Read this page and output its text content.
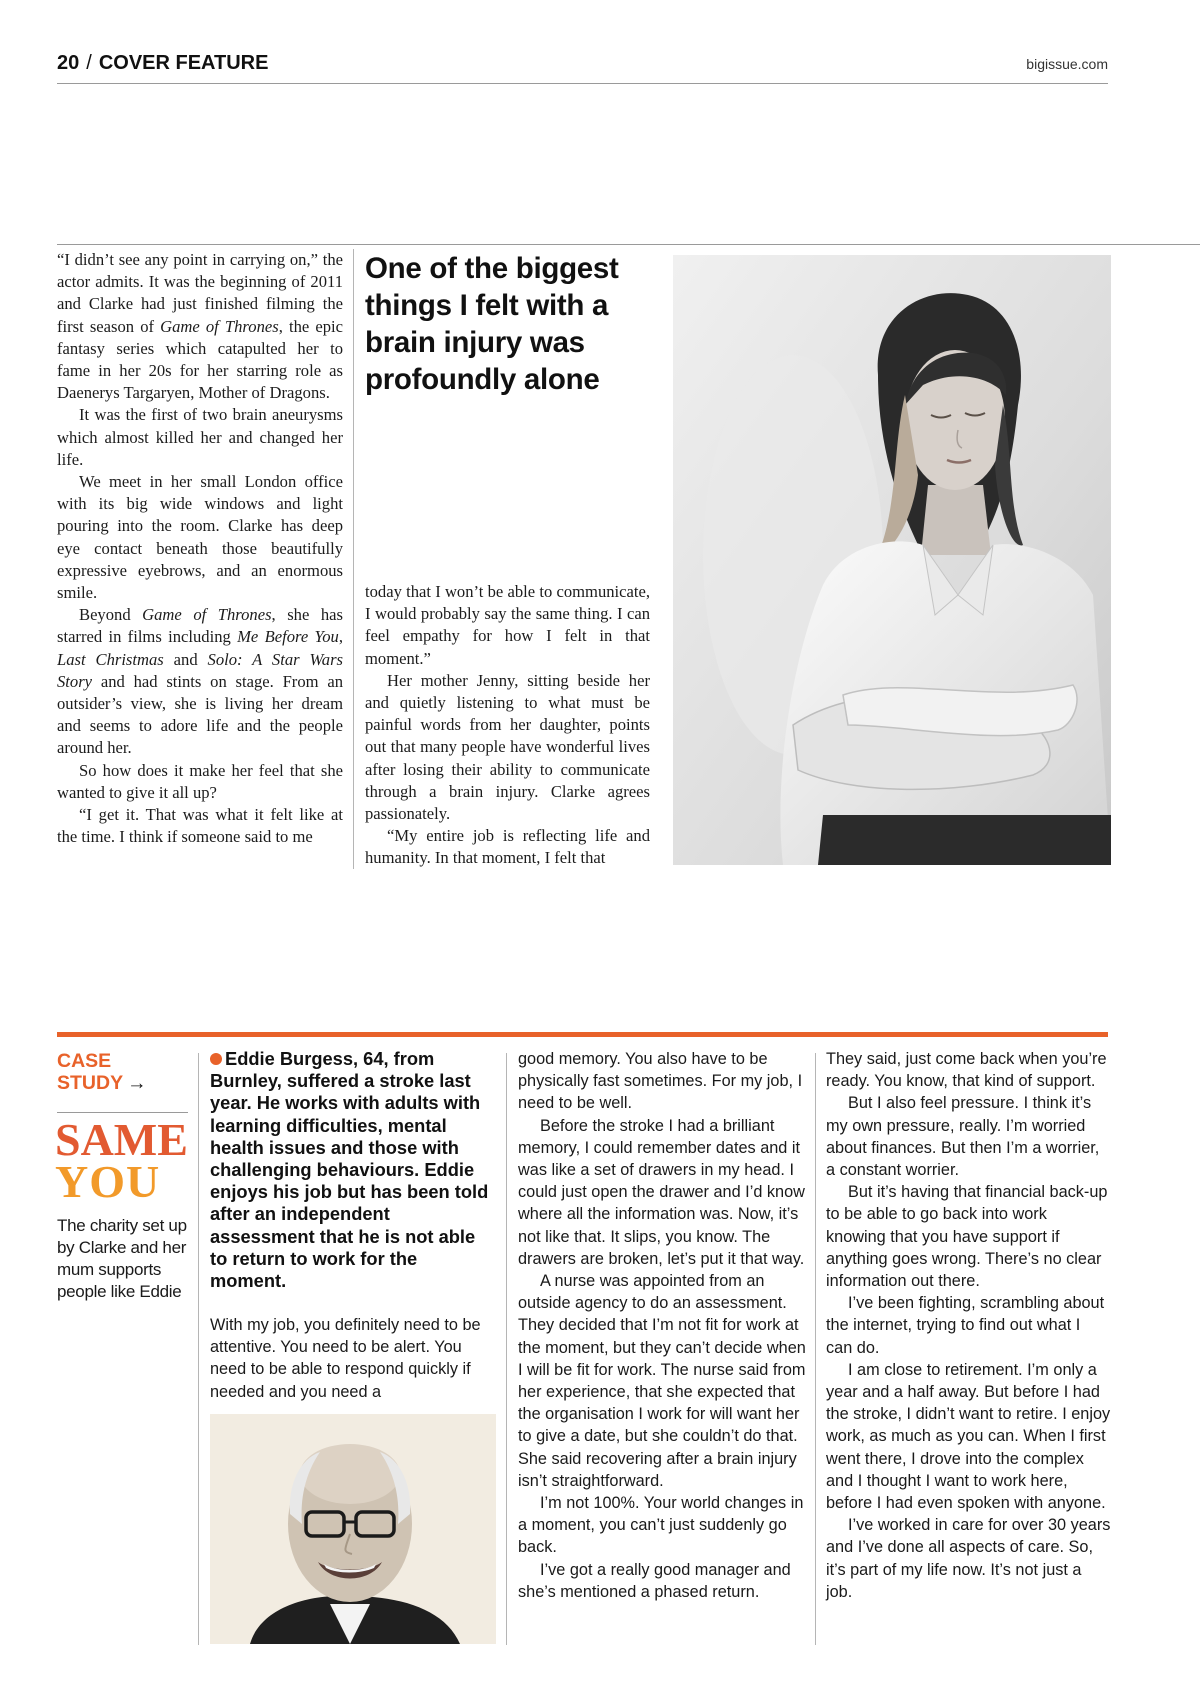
20 / COVER FEATURE	bigissue.com

“I didn’t see any point in carrying on,” the actor admits. It was the beginning of 2011 and Clarke had just finished filming the first season of Game of Thrones, the epic fantasy series which catapulted her to fame in her 20s for her starring role as Daenerys Targaryen, Mother of Dragons.

It was the first of two brain aneurysms which almost killed her and changed her life.

We meet in her small London office with its big wide windows and light pouring into the room. Clarke has deep eye contact beneath those beautifully expressive eyebrows, and an enormous smile.

Beyond Game of Thrones, she has starred in films including Me Before You, Last Christmas and Solo: A Star Wars Story and had stints on stage. From an outsider’s view, she is living her dream and seems to adore life and the people around her.

So how does it make her feel that she wanted to give it all up?

“I get it. That was what it felt like at the time. I think if someone said to me

One of the biggest things I felt with a brain injury was profoundly alone

today that I won’t be able to communicate, I would probably say the same thing. I can feel empathy for how I felt in that moment.”

Her mother Jenny, sitting beside her and quietly listening to what must be painful words from her daughter, points out that many people have wonderful lives after losing their ability to communicate through a brain injury. Clarke agrees passionately.

“My entire job is reflecting life and humanity. In that moment, I felt that

CASE
STUDY →
SAME
YOU
The charity set up by Clarke and her mum supports people like Eddie
Eddie Burgess, 64, from Burnley, suffered a stroke last year. He works with adults with learning difficulties, mental health issues and those with challenging behaviours. Eddie enjoys his job but has been told after an independent assessment that he is not able to return to work for the moment.
With my job, you definitely need to be attentive. You need to be alert. You need to be able to respond quickly if needed and you need a

good memory. You also have to be physically fast sometimes. For my job, I need to be well.

Before the stroke I had a brilliant memory, I could remember dates and it was like a set of drawers in my head. I could just open the drawer and I’d know where all the information was. Now, it’s not like that. It slips, you know. The drawers are broken, let’s put it that way.

A nurse was appointed from an outside agency to do an assessment. They decided that I’m not fit for work at the moment, but they can’t decide when I will be fit for work. The nurse said from her experience, that she expected that the organisation I work for will want her to give a date, but she couldn’t do that. She said recovering after a brain injury isn’t straightforward.

I’m not 100%. Your world changes in a moment, you can’t just suddenly go back.

I’ve got a really good manager and she’s mentioned a phased return.

They said, just come back when you’re ready. You know, that kind of support.

But I also feel pressure. I think it’s my own pressure, really. I’m worried about finances. But then I’m a worrier, a constant worrier.

But it’s having that financial back-up to be able to go back into work knowing that you have support if anything goes wrong. There’s no clear information out there.

I’ve been fighting, scrambling about the internet, trying to find out what I can do.

I am close to retirement. I’m only a year and a half away. But before I had the stroke, I didn’t want to retire. I enjoy work, as much as you can. When I first went there, I drove into the complex and I thought I want to work here, before I had even spoken with anyone.

I’ve worked in care for over 30 years and I’ve done all aspects of care. So, it’s part of my life now. It’s not just a job.
